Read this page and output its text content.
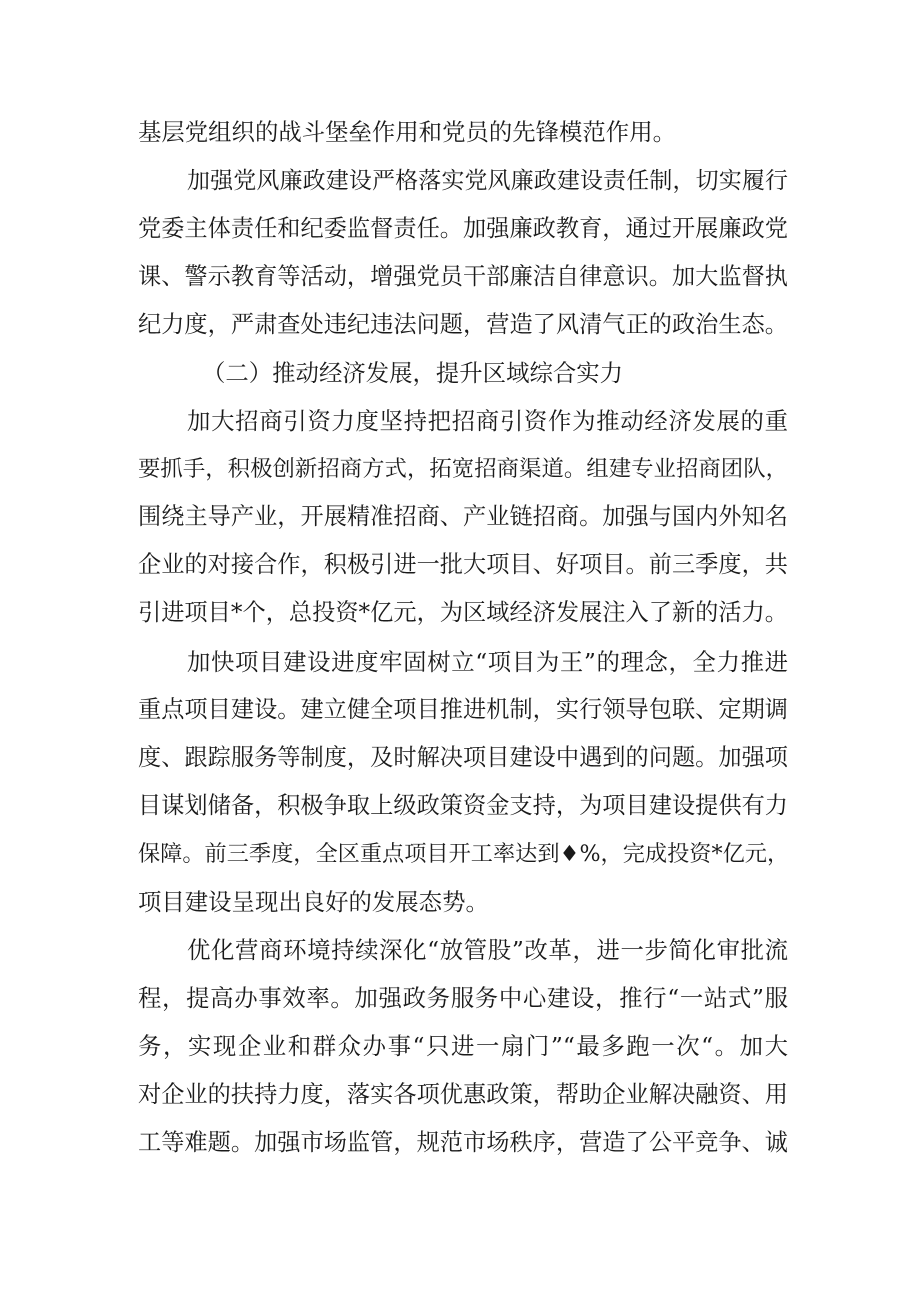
基层党组织的战斗堡垒作用和党员的先锋模范作用。
加强党风廉政建设严格落实党风廉政建设责任制，切实履行
党委主体责任和纪委监督责任。加强廉政教育，通过开展廉政党
课、警示教育等活动，增强党员干部廉洁自律意识。加大监督执
纪力度，严肃查处违纪违法问题，营造了风清气正的政治生态。
（二）推动经济发展，提升区域综合实力
加大招商引资力度坚持把招商引资作为推动经济发展的重
要抓手，积极创新招商方式，拓宽招商渠道。组建专业招商团队，
围绕主导产业，开展精准招商、产业链招商。加强与国内外知名
企业的对接合作，积极引进一批大项目、好项目。前三季度，共
引进项目*个，总投资*亿元，为区域经济发展注入了新的活力。
加快项目建设进度牢固树立“项目为王”的理念，全力推进
重点项目建设。建立健全项目推进机制，实行领导包联、定期调
度、跟踪服务等制度，及时解决项目建设中遇到的问题。加强项
目谋划储备，积极争取上级政策资金支持，为项目建设提供有力
保障。前三季度，全区重点项目开工率达到♦%，完成投资*亿元，
项目建设呈现出良好的发展态势。
优化营商环境持续深化“放管股”改革，进一步简化审批流
程，提高办事效率。加强政务服务中心建设，推行“一站式”服
务，实现企业和群众办事“只进一扇门”“最多跑一次“。加大
对企业的扶持力度，落实各项优惠政策，帮助企业解决融资、用
工等难题。加强市场监管，规范市场秩序，营造了公平竞争、诚
